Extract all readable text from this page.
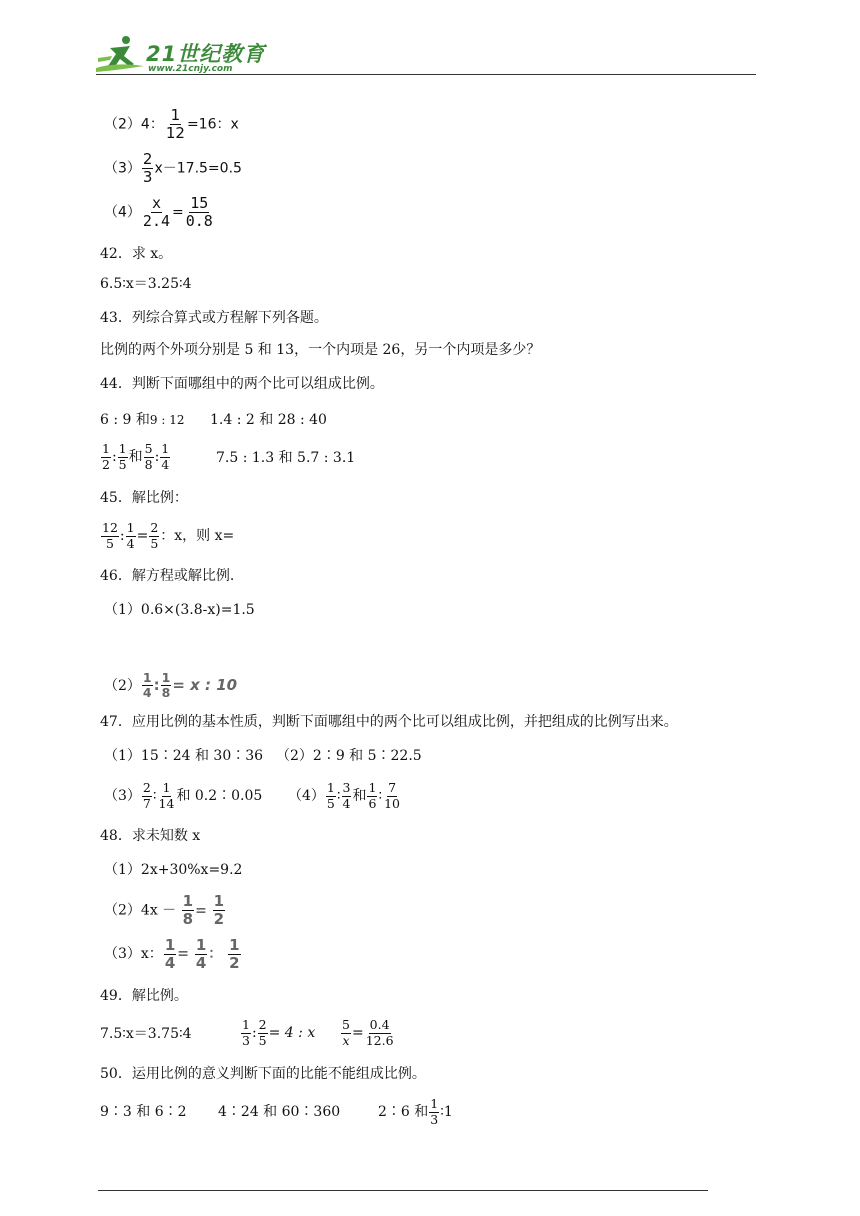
21世纪教育
www.21cnjy.com
（2）4： $\frac{1}{12} =16$：x
$(3) \frac{2}{3} x-17.5=0.5$
$(4) \frac{x}{2.4} = \frac{15}{0.8}$
42．求 x。
6.5∶x＝3.25∶4
43．列综合算式或方程解下列各题。
比例的两个外项分别是 5 和 13，一个内项是 26，另一个内项是多少？
44．判断下面哪组中的两个比可以组成比例。
6 : 9 和9 : 12 1.4 : 2 和 28 : 40
$\frac{1}{2}$ : $\frac{1}{5}$ 和 $\frac{5}{8}$ : $\frac{1}{4}$	7.5 : 1.3 和 5.7 : 3.1
45．解比例：
$\frac{12}{5}$ : $\frac{1}{4} = \frac{2}{5}$ ：x，则 x=
46．解方程或解比例.
（1）0.6×(3.8-x)=1.5
$(2) \frac{1}{4}$ : $\frac{1}{8} = x$ : 10
47．应用比例的基本性质，判断下面哪组中的两个比可以组成比例，并把组成的比例写出来。
（1）15∶24 和 30∶36 （2）2∶9 和 5∶22.5
$(3) \frac{2}{7}$ ∶ $\frac{1}{14}$ 和 0.2∶0.05 $(4) \frac{1}{5}$ ∶ $\frac{3}{4}$ 和 $\frac{1}{6}$ ∶ $\frac{7}{10}$
48．求未知数 x
（1）2x+30%x=9.2
$(2)4x - \frac{1}{8} = \frac{1}{2}$
（3）x： $\frac{1}{4} = \frac{1}{4}$ ： $\frac{1}{2}$
49．解比例。
7.5∶x＝3.75∶4	$\frac{1}{3}$ : $\frac{2}{5} = 4$ : x $\frac{5}{x} = \frac{0.4}{12.6}$
50．运用比例的意义判断下面的比能不能组成比例。
9∶3 和 6∶2 4∶24 和 60∶360	2∶6 和 $\frac{1}{3}$ ∶1
